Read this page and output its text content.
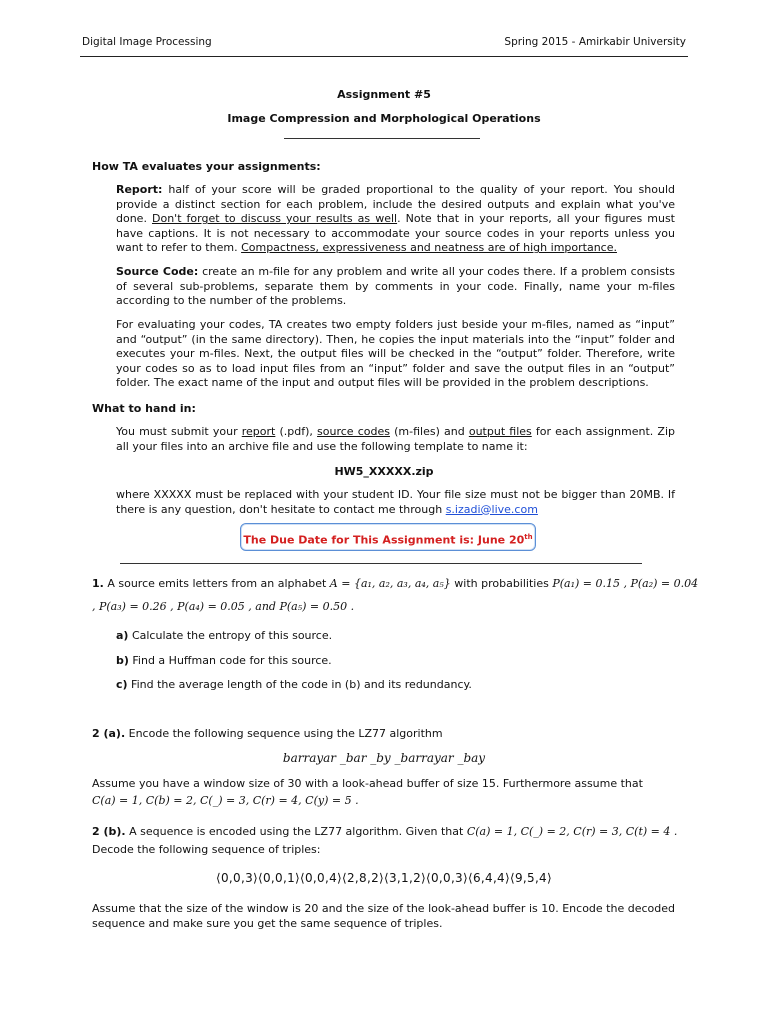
Digital Image Processing	Spring 2015 - Amirkabir University
Assignment #5
Image Compression and Morphological Operations
How TA evaluates your assignments:
Report: half of your score will be graded proportional to the quality of your report. You should provide a distinct section for each problem, include the desired outputs and explain what you've done. Don't forget to discuss your results as well. Note that in your reports, all your figures must have captions. It is not necessary to accommodate your source codes in your reports unless you want to refer to them. Compactness, expressiveness and neatness are of high importance.
Source Code: create an m-file for any problem and write all your codes there. If a problem consists of several sub-problems, separate them by comments in your code. Finally, name your m-files according to the number of the problems.
For evaluating your codes, TA creates two empty folders just beside your m-files, named as “input” and “output” (in the same directory). Then, he copies the input materials into the “input” folder and executes your m-files. Next, the output files will be checked in the “output” folder. Therefore, write your codes so as to load input files from an “input” folder and save the output files in an “output” folder. The exact name of the input and output files will be provided in the problem descriptions.
What to hand in:
You must submit your report (.pdf), source codes (m-files) and output files for each assignment. Zip all your files into an archive file and use the following template to name it:
HW5_XXXXX.zip
where XXXXX must be replaced with your student ID. Your file size must not be bigger than 20MB. If there is any question, don't hesitate to contact me through s.izadi@live.com
The Due Date for This Assignment is: June 20th
1. A source emits letters from an alphabet A = {a₁, a₂, a₃, a₄, a₅} with probabilities P(a₁) = 0.15 , P(a₂) = 0.04
, P(a₃) = 0.26 , P(a₄) = 0.05 , and P(a₅) = 0.50 .
a) Calculate the entropy of this source.
b) Find a Huffman code for this source.
c) Find the average length of the code in (b) and its redundancy.
2 (a). Encode the following sequence using the LZ77 algorithm
barrayar _bar _by _barrayar _bay
Assume you have a window size of 30 with a look-ahead buffer of size 15. Furthermore assume that
C(a) = 1, C(b) = 2, C(_) = 3, C(r) = 4, C(y) = 5 .
2 (b). A sequence is encoded using the LZ77 algorithm. Given that C(a) = 1, C(_) = 2, C(r) = 3, C(t) = 4 .
Decode the following sequence of triples:
⟨0,0,3⟩⟨0,0,1⟩⟨0,0,4⟩⟨2,8,2⟩⟨3,1,2⟩⟨0,0,3⟩⟨6,4,4⟩⟨9,5,4⟩
Assume that the size of the window is 20 and the size of the look-ahead buffer is 10. Encode the decoded sequence and make sure you get the same sequence of triples.
